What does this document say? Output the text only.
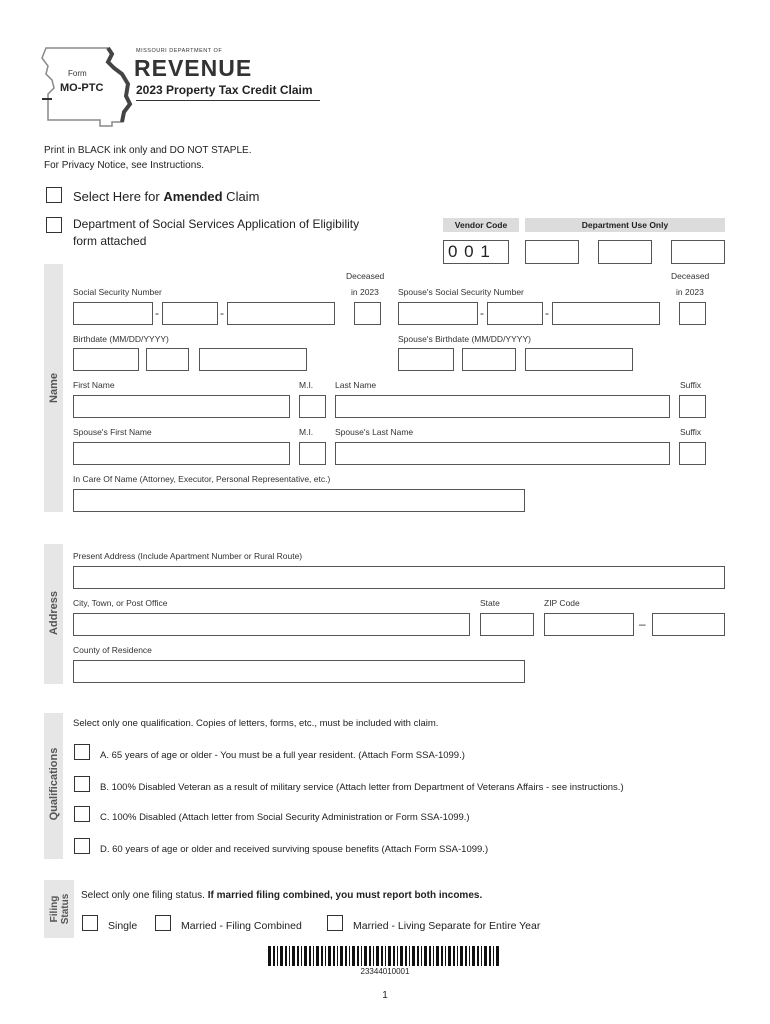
Form
MO-PTC
MISSOURI DEPARTMENT OF
REVENUE
2023 Property Tax Credit Claim
Print in BLACK ink only and DO NOT STAPLE.
For Privacy Notice, see Instructions.
Select Here for Amended Claim
Department of Social Services Application of Eligibility
form attached
Vendor Code	Department Use Only
0 0 1
Name
Deceased
in 2023
Deceased
in 2023
Social Security Number	Spouse's Social Security Number
-	-	-	-
Birthdate (MM/DD/YYYY)	Spouse's Birthdate (MM/DD/YYYY)
First Name	M.I.	Last Name	Suffix
Spouse's First Name	M.I.	Spouse's Last Name	Suffix
In Care Of Name (Attorney, Executor, Personal Representative, etc.)
Address
Present Address (Include Apartment Number or Rural Route)
City, Town, or Post Office	State	ZIP Code
–
County of Residence
Qualifications
Select only one qualification. Copies of letters, forms, etc., must be included with claim.
A. 65 years of age or older - You must be a full year resident. (Attach Form SSA-1099.)
B. 100% Disabled Veteran as a result of military service (Attach letter from Department of Veterans Affairs - see instructions.)
C. 100% Disabled (Attach letter from Social Security Administration or Form SSA-1099.)
D. 60 years of age or older and received surviving spouse benefits (Attach Form SSA-1099.)
Filing Status Select only one filing status. If married filing combined, you must report both incomes.
Single	Married - Filing Combined	Married - Living Separate for Entire Year
23344010001
1
